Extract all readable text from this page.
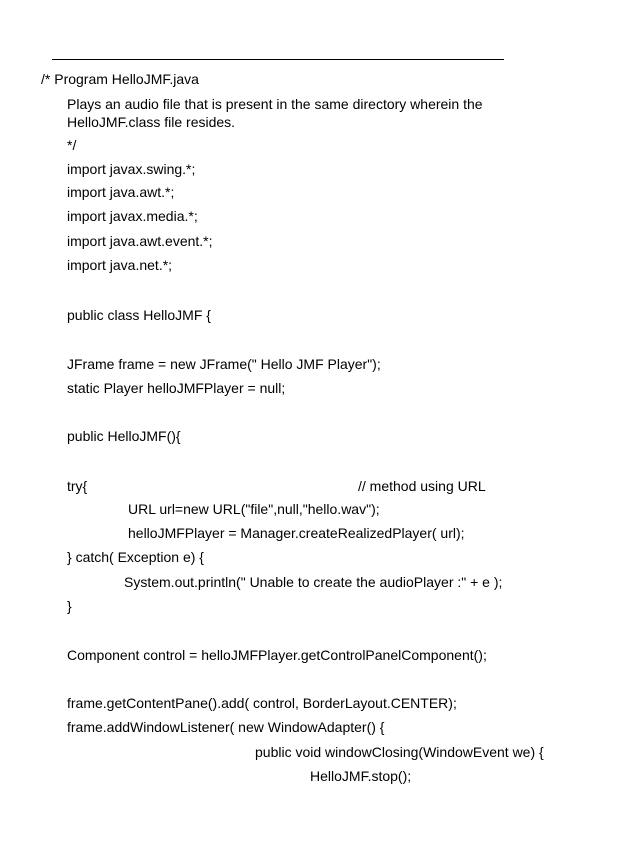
/* Program HelloJMF.java
Plays an audio file that is present in the same directory wherein the
HelloJMF.class file resides.
*/
import javax.swing.*;
import java.awt.*;
import javax.media.*;
import java.awt.event.*;
import java.net.*;
public class HelloJMF {
JFrame frame = new JFrame(" Hello JMF Player");
static Player helloJMFPlayer = null;
public HelloJMF(){
try{	// method using URL
URL url=new URL("file",null,"hello.wav");
helloJMFPlayer = Manager.createRealizedPlayer( url);
} catch( Exception e) {
System.out.println(" Unable to create the audioPlayer :" + e );
}
Component control = helloJMFPlayer.getControlPanelComponent();
frame.getContentPane().add( control, BorderLayout.CENTER);
frame.addWindowListener( new WindowAdapter() {
public void windowClosing(WindowEvent we) {
HelloJMF.stop();
